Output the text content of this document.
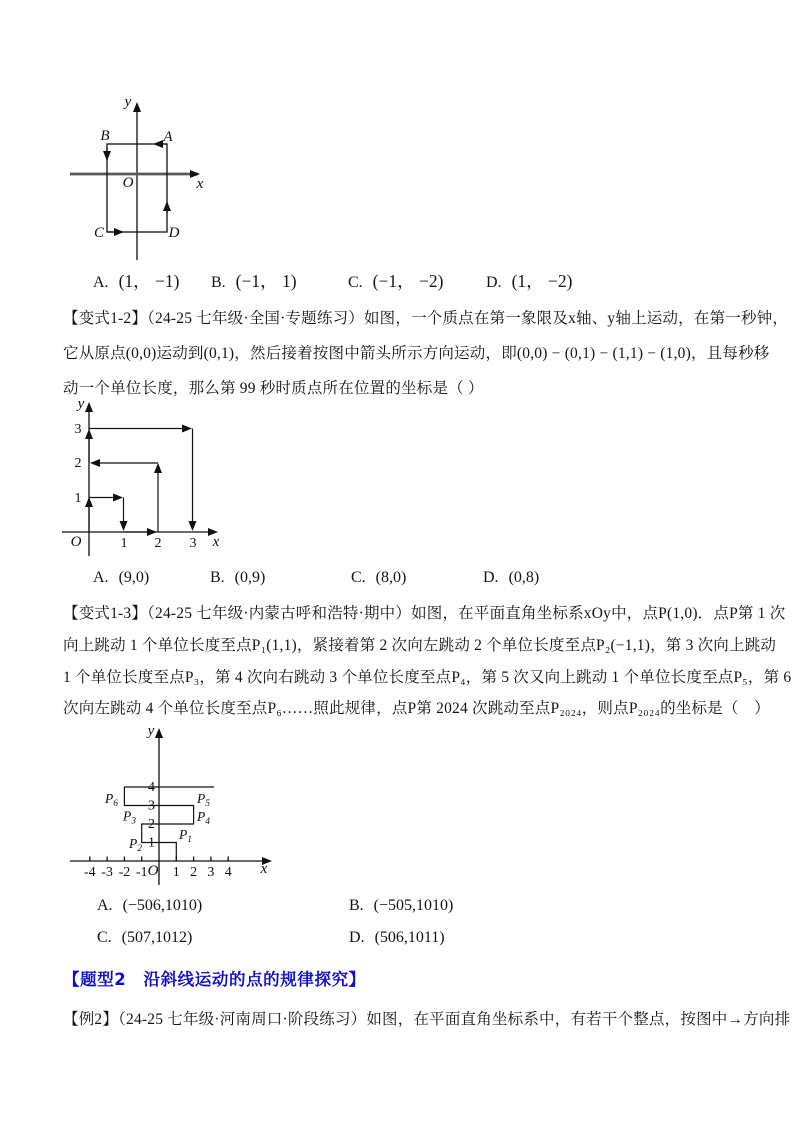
y
x
O
B	A
C	D
A. (1， −1) B. (−1， 1)	C. (−1， −2)	D. (1， −2)
【变式1-2】（24-25 七年级·全国·专题练习）如图，一个质点在第一象限及x轴、y轴上运动，在第一秒钟，
它从原点(0,0)运动到(0,1)，然后接着按图中箭头所示方向运动，即(0,0) − (0,1) − (1,1) − (1,0)，且每秒移
动一个单位长度，那么第 99 秒时质点所在位置的坐标是（ ）
y
x
O	1 2 3
1
2
3
A. (9,0)	B. (0,9)	C. (8,0)	D. (0,8)
【变式1-3】（24-25 七年级·内蒙古呼和浩特·期中）如图，在平面直角坐标系xOy中，点P(1,0)．点P第 1 次
向上跳动 1 个单位长度至点P₁(1,1)，紧接着第 2 次向左跳动 2 个单位长度至点P₂(−1,1)，第 3 次向上跳动
1 个单位长度至点P₃，第 4 次向右跳动 3 个单位长度至点P₄，第 5 次又向上跳动 1 个单位长度至点P₅，第 6
次向左跳动 4 个单位长度至点P₆……照此规律，点P第 2024 次跳动至点P₂₀₂₄，则点P₂₀₂₄的坐标是（　）
y
x
O
-4 -3 -2 -1 1 2 3 4
1
2
3
4
$P_1$
$P_2$
$P_3$	$P_4$
$P_5$
$P_6$
A. (−506,1010)	B. (−505,1010)
C. (507,1012)	D. (506,1011)
【题型2　沿斜线运动的点的规律探究】
【例2】（24-25 七年级·河南周口·阶段练习）如图，在平面直角坐标系中，有若干个整点，按图中→方向排
